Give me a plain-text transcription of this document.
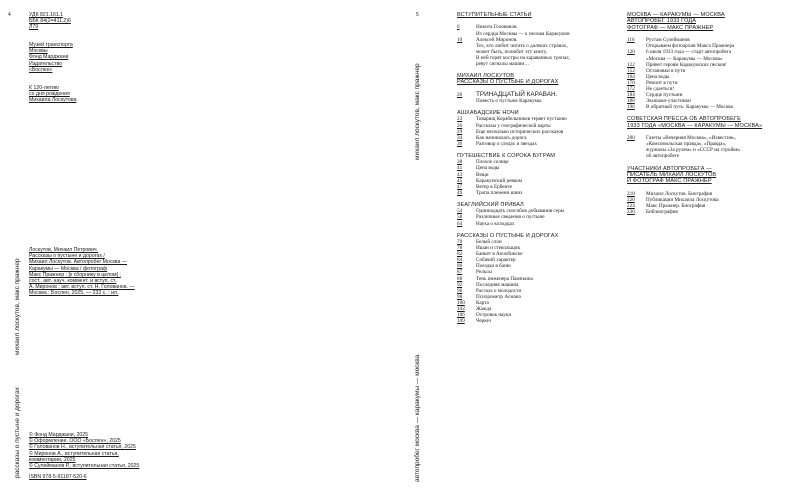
4	УДК 821.161.1
ББК 84(2=411.2)6
Л79
Музей транспорта
Москвы
Фонд Марджани
Издательство
«Бослен»
К 120-летию
со дня рождения
Михаила Лоскутова
михаил лоскутов, макс пражнер
рассказы о пустыне и дорогах
Лоскутов, Михаил Петрович.
Рассказы о пустыне и дорогах /
Михаил Лоскутов. Автопробег Москва —
Каракумы — Москва / фотограф
Макс Пражнер ; [к сборнику в целом] ;
сост., авт. науч. коммент. и вступ. ст.
А. Миронов ; авт. вступ. ст. Н. Голованов. —
Москва : Бослен, 2025. — 232 с. : ил.
© Фонд Марджани, 2025
© Оформление. ООО «Бослен», 2025
© Голованов Н., вступительная статья, 2025
© Миронов А., вступительная статья,
комментарии, 2025
© Сулейманов Р., вступительная статья, 2025
ISBN 978-5-91187-520-6
5
михаил лоскутов, макс пражнер
автопробег москва — каракумы — москва
ВСТУПИТЕЛЬНЫЕ СТАТЬИ
6	Никита Голованов.
Из сердца Москвы — к пескам Каракумов
10	Алексей Миронов.
Тех, кто любит читать о далеких странах,
может быть, полюбит эту книгу.
В ней горят костры на караванных тропах,
ревут сигналы машин…
МИХАИЛ ЛОСКУТОВ
РАССКАЗЫ О ПУСТЫНЕ И ДОРОГАХ
20	ТРИНАДЦАТЫЙ КАРАВАН.
Повесть о пустыне Каракумы
АШХАБАДСКИЕ НОЧИ
23	Товарищ Корабельников теряет пустыню
26	Рассказы у географической карты
29	Еще несколько исторических рассказов
34	Как начиналась дорога
36	Разговор о следах и звездах
ПУТЕШЕСТВИЕ К СОРОКА БУГРАМ
38	Плохое солнце
41	Цена воды
43	Вещи
45	Каракумский ревком
47	Ветер в Ербенте
49	Тропа племени шиих
ЗЕАГЛИЙСКИЙ ПРИВАЛ
54	Одиннадцать способов добывания серы
58	Различные сведения о пустыне
64	Наука о колодцах
РАССКАЗЫ О ПУСТЫНЕ И ДОРОГАХ
70	Белый слон
78	Ишан и стекольщик
82	Банкет в Акчобинске
84	Собачий характер
86	Поездка в баню
87	Рельсы
88	Тень инженера Пампкина
92	Последняя машина
96	Рассказ о молодости
98	Психрометр Асмана
100	Карта
102	Жажда
106	Островок науки
109	Черкез
МОСКВА — КАРАКУМЫ — МОСКВА
АВТОПРОБЕГ 1933 ГОДА
ФОТОГРАФ — МАКС ПРАЖНЕР
116	Рустам Сулейманов
Открываем фотоархив Макса Пражнера
120	6 июля 1933 года — старт автопробега
«Москва — Каракумы — Москва»
122	Привет героям Каракумских песков!
152	Остановки в пути
164	Цена воды
170	Ремонт в пути
172	Не сдаеться!
184	Сердце пустыни
188	Экипажи-участники
196	В обратный путь: Каракумы — Москва
СОВЕТСКАЯ ПРЕССА ОБ АВТОПРОБЕГЕ
1933 ГОДА «МОСКВА — КАРАКУМЫ — МОСКВА»
200	Газеты «Вечерняя Москва», «Известия»,
«Комсомольская правда», «Правда»,
журналы «За рулем» и «СССР на стройке»
об автопробеге
УЧАСТНИКИ АВТОПРОБЕГА —
ПИСАТЕЛЬ МИХАИЛ ЛОСКУТОВ
И ФОТОГРАФ МАКС ПРАЖНЕР
218	Михаил Лоскутов. Биография
220	Публикации Михаила Лоскутова
224	Макс Пражнер. Биография
230	Библиография
